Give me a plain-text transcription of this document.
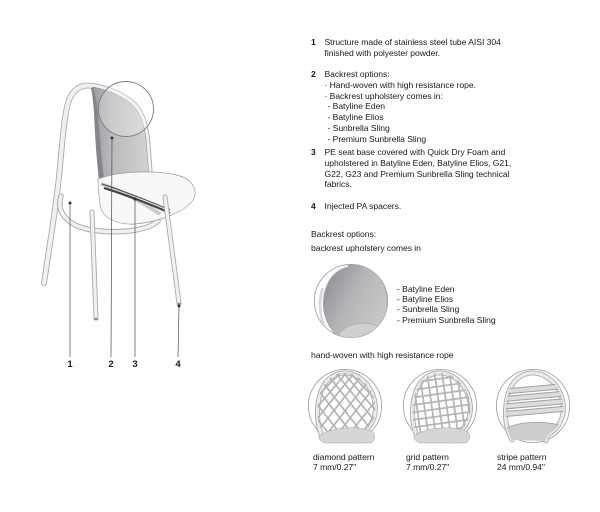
1	2 3	4
1	Structure made of stainless steel tube AISI 304
finished with polyester powder.
2	Backrest options:
· Hand-woven with high resistance rope.
· Backrest upholstery comes in:
- Batyline Eden
- Batyline Elios
- Sunbrella Sling
- Premium Sunbrella Sling
3	PE seat base covered with Quick Dry Foam and
upholstered in Batyline Eden, Batyline Elios, G21,
G22, G23 and Premium Sunbrella Sling technical
fabrics.
4	Injected PA spacers.
Backrest options:
backrest upholstery comes in
- Batyline Eden
- Batyline Elios
- Sunbrella Sling
- Premium Sunbrella Sling
hand-woven with high resistance rope
diamond pattern
7 mm/0.27"
grid pattern
7 mm/0.27"
stripe pattern
24 mm/0.94"
